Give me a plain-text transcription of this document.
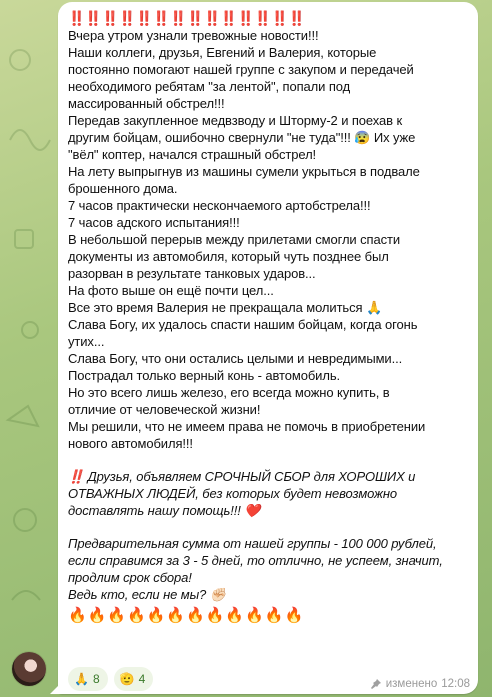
‼️‼️‼️‼️‼️‼️‼️‼️‼️‼️‼️‼️‼️‼️
Вчера утром узнали тревожные новости!!!
Наши коллеги, друзья, Евгений и Валерия, которые
постоянно помогают нашей группе с закупом и передачей
необходимого ребятам "за лентой", попали под
массированный обстрел!!!
Передав закупленное медвзводу и Шторму-2 и поехав к
другим бойцам, ошибочно свернули "не туда"!!! 😰 Их уже
"вёл" коптер, начался страшный обстрел!
На лету выпрыгнув из машины сумели укрыться в подвале
брошенного дома.
7 часов практически нескончаемого артобстрела!!!
7 часов адского испытания!!!
В небольшой перерыв между прилетами смогли спасти
документы из автомобиля, который чуть позднее был
разорван в результате танковых ударов...
На фото выше он ещё почти цел...
Все это время Валерия не прекращала молиться 🙏
Слава Богу, их удалось спасти нашим бойцам, когда огонь
утих...
Слава Богу, что они остались целыми и невредимыми...
Пострадал только верный конь - автомобиль.
Но это всего лишь железо, его всегда можно купить, в
отличие от человеческой жизни!
Мы решили, что не имеем права не помочь в приобретении
нового автомобиля!!!
‼️ Друзья, объявляем СРОЧНЫЙ СБОР для ХОРОШИХ и
ОТВАЖНЫХ ЛЮДЕЙ, без которых будет невозможно
доставлять нашу помощь!!! ❤️
Предварительная сумма от нашей группы - 100 000 рублей,
если справимся за 3 - 5 дней, то отлично, не успеем, значит,
продлим срок сбора!
Ведь кто, если не мы? ✊🏻
🔥🔥🔥🔥🔥🔥🔥🔥🔥🔥🔥🔥
🙏 8 🫡 4	изменено 12:08
